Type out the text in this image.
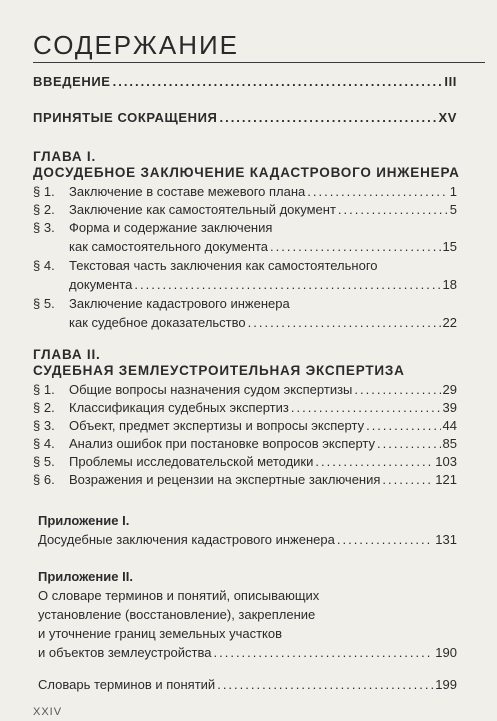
СОДЕРЖАНИЕ
ВВЕДЕНИЕ .....	III
ПРИНЯТЫЕ СОКРАЩЕНИЯ .....	XV
ГЛАВА I.
ДОСУДЕБНОЕ ЗАКЛЮЧЕНИЕ КАДАСТРОВОГО ИНЖЕНЕРА
§ 1.	Заключение в составе межевого плана .....	1
§ 2.	Заключение как самостоятельный документ .....	5
§ 3. Форма и содержание заключения
как самостоятельного документа .....	15
§ 4. Текстовая часть заключения как самостоятельного
документа .....	18
§ 5. Заключение кадастрового инженера
как судебное доказательство .....	22
ГЛАВА II.
СУДЕБНАЯ ЗЕМЛЕУСТРОИТЕЛЬНАЯ ЭКСПЕРТИЗА
§ 1.	Общие вопросы назначения судом экспертизы .....	29
§ 2.	Классификация судебных экспертиз .....	39
§ 3.	Объект, предмет экспертизы и вопросы эксперту .....	44
§ 4.	Анализ ошибок при постановке вопросов эксперту .....	85
§ 5.	Проблемы исследовательской методики .....	103
§ 6.	Возражения и рецензии на экспертные заключения .....	121
Приложение I.
Досудебные заключения кадастрового инженера .....	131
Приложение II.
О словаре терминов и понятий, описывающих
установление (восстановление), закрепление
и уточнение границ земельных участков
и объектов землеустройства .....	190
Словарь терминов и понятий .....	199
XXIV
